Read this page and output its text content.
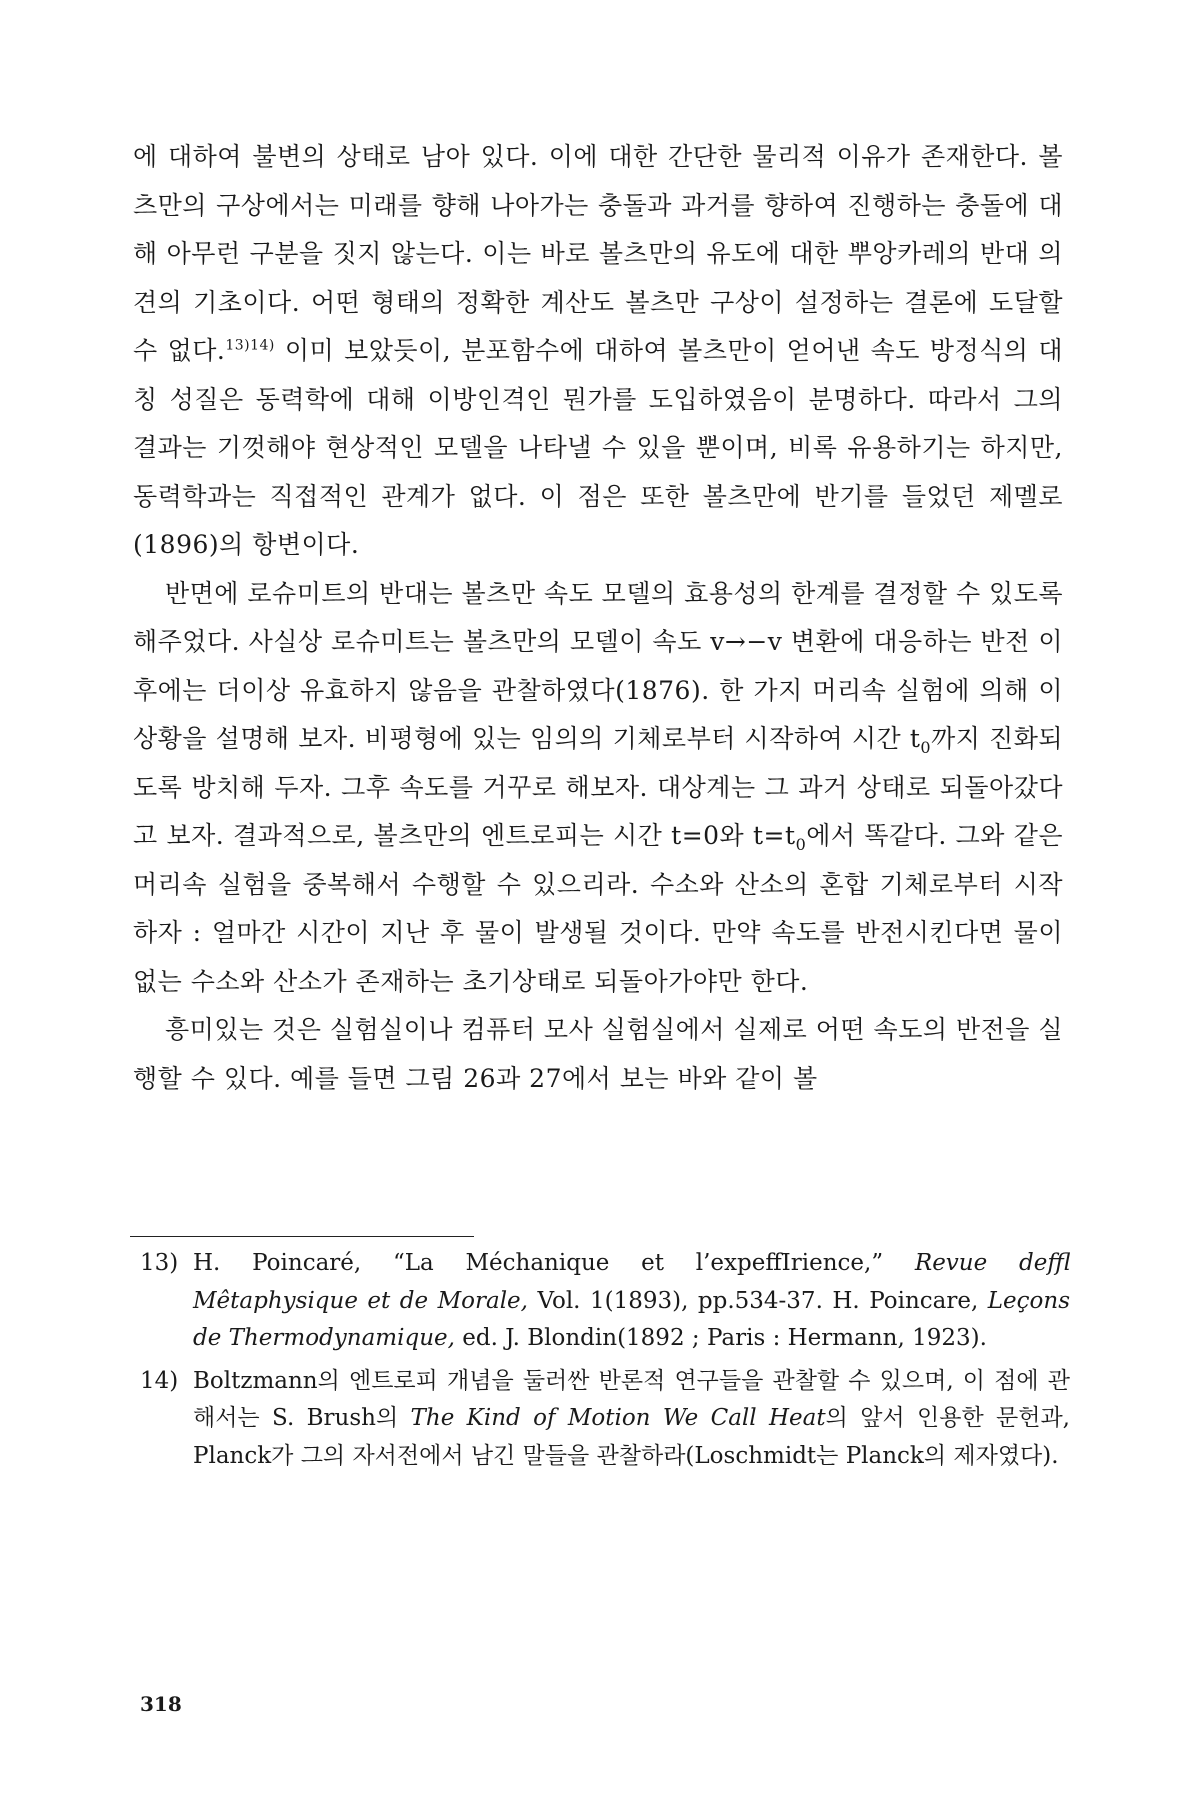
에 대하여 불변의 상태로 남아 있다. 이에 대한 간단한 물리적 이유가 존재한다. 볼츠만의 구상에서는 미래를 향해 나아가는 충돌과 과거를 향하여 진행하는 충돌에 대해 아무런 구분을 짓지 않는다. 이는 바로 볼츠만의 유도에 대한 뿌앙카레의 반대 의견의 기초이다. 어떤 형태의 정확한 계산도 볼츠만 구상이 설정하는 결론에 도달할 수 없다.$^{13)14)}$ 이미 보았듯이, 분포함수에 대하여 볼츠만이 얻어낸 속도 방정식의 대칭 성질은 동력학에 대해 이방인격인 뭔가를 도입하였음이 분명하다. 따라서 그의 결과는 기껏해야 현상적인 모델을 나타낼 수 있을 뿐이며, 비록 유용하기는 하지만, 동력학과는 직접적인 관계가 없다. 이 점은 또한 볼츠만에 반기를 들었던 제멜로(1896)의 항변이다.

반면에 로슈미트의 반대는 볼츠만 속도 모델의 효용성의 한계를 결정할 수 있도록 해주었다. 사실상 로슈미트는 볼츠만의 모델이 속도 v→−v 변환에 대응하는 반전 이후에는 더이상 유효하지 않음을 관찰하였다(1876). 한 가지 머리속 실험에 의해 이 상황을 설명해 보자. 비평형에 있는 임의의 기체로부터 시작하여 시간 $t_0$까지 진화되도록 방치해 두자. 그후 속도를 거꾸로 해보자. 대상계는 그 과거 상태로 되돌아갔다고 보자. 결과적으로, 볼츠만의 엔트로피는 시간 t=0와 $t=t_0$에서 똑같다. 그와 같은 머리속 실험을 중복해서 수행할 수 있으리라. 수소와 산소의 혼합 기체로부터 시작하자 : 얼마간 시간이 지난 후 물이 발생될 것이다. 만약 속도를 반전시킨다면 물이 없는 수소와 산소가 존재하는 초기상태로 되돌아가야만 한다.

흥미있는 것은 실험실이나 컴퓨터 모사 실험실에서 실제로 어떤 속도의 반전을 실행할 수 있다. 예를 들면 그림 26과 27에서 보는 바와 같이 볼

13) H. Poincaré, “La Méchanique et l’expeffIrience,” Revue deffl Mêtaphysique et de Morale, Vol. 1(1893), pp.534-37. H. Poincare, Leçons de Thermodynamique, ed. J. Blondin(1892 ; Paris : Hermann, 1923).
14) Boltzmann의 엔트로피 개념을 둘러싼 반론적 연구들을 관찰할 수 있으며, 이 점에 관해서는 S. Brush의 The Kind of Motion We Call Heat의 앞서 인용한 문헌과, Planck가 그의 자서전에서 남긴 말들을 관찰하라(Loschmidt는 Planck의 제자였다).
318
